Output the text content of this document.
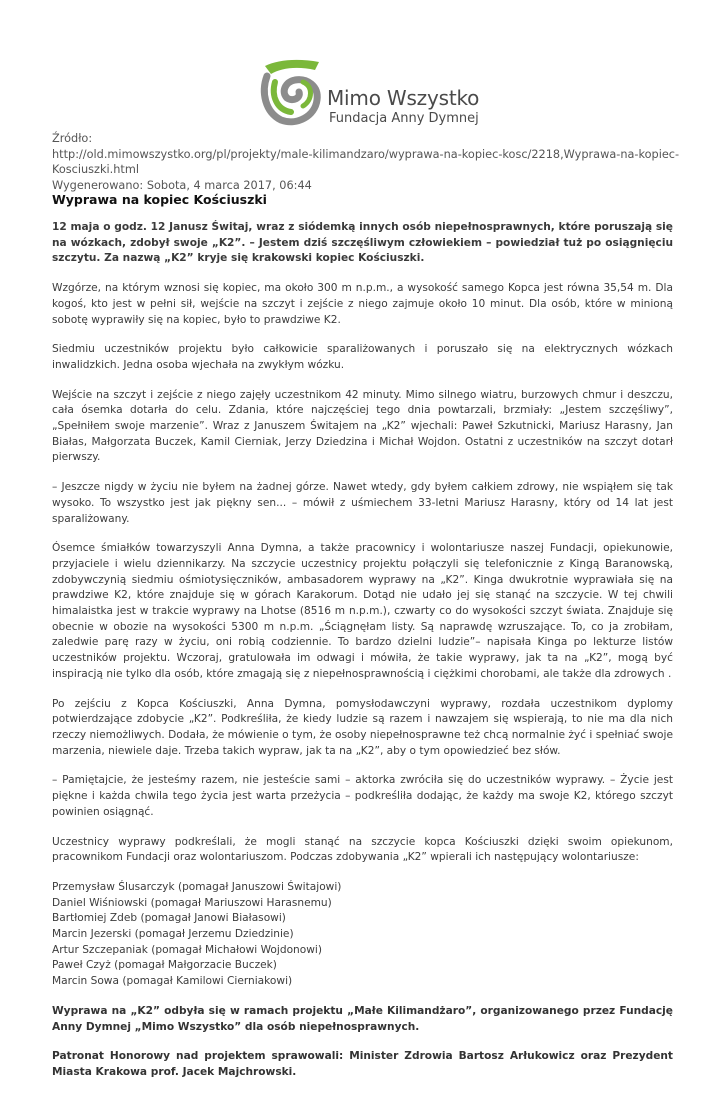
Mimo Wszystko
Fundacja Anny Dymnej
Źródło:
http://old.mimowszystko.org/pl/projekty/male-kilimandzaro/wyprawa-na-kopiec-kosc/2218,Wyprawa-na-kopiec-Kosciuszki.html
Wygenerowano: Sobota, 4 marca 2017, 06:44
Wyprawa na kopiec Kościuszki

12 maja o godz. 12 Janusz Świtaj, wraz z siódemką innych osób niepełnosprawnych, które poruszają się na wózkach, zdobył swoje „K2”. – Jestem dziś szczęśliwym człowiekiem – powiedział tuż po osiągnięciu szczytu. Za nazwą „K2” kryje się krakowski kopiec Kościuszki.

Wzgórze, na którym wznosi się kopiec, ma około 300 m n.p.m., a wysokość samego Kopca jest równa 35,54 m. Dla kogoś, kto jest w pełni sił, wejście na szczyt i zejście z niego zajmuje około 10 minut. Dla osób, które w minioną sobotę wyprawiły się na kopiec, było to prawdziwe K2.

Siedmiu uczestników projektu było całkowicie sparaliżowanych i poruszało się na elektrycznych wózkach inwalidzkich. Jedna osoba wjechała na zwykłym wózku.

Wejście na szczyt i zejście z niego zajęły uczestnikom 42 minuty. Mimo silnego wiatru, burzowych chmur i deszczu, cała ósemka dotarła do celu. Zdania, które najczęściej tego dnia powtarzali, brzmiały: „Jestem szczęśliwy”, „Spełniłem swoje marzenie”. Wraz z Januszem Świtajem na „K2” wjechali: Paweł Szkutnicki, Mariusz Harasny, Jan Białas, Małgorzata Buczek, Kamil Cierniak, Jerzy Dziedzina i Michał Wojdon. Ostatni z uczestników na szczyt dotarł pierwszy.

– Jeszcze nigdy w życiu nie byłem na żadnej górze. Nawet wtedy, gdy byłem całkiem zdrowy, nie wspiąłem się tak wysoko. To wszystko jest jak piękny sen... – mówił z uśmiechem 33-letni Mariusz Harasny, który od 14 lat jest sparaliżowany.

Ósemce śmiałków towarzyszyli Anna Dymna, a także pracownicy i wolontariusze naszej Fundacji, opiekunowie, przyjaciele i wielu dziennikarzy. Na szczycie uczestnicy projektu połączyli się telefonicznie z Kingą Baranowską, zdobywczynią siedmiu ośmiotysięczników, ambasadorem wyprawy na „K2”. Kinga dwukrotnie wyprawiała się na prawdziwe K2, które znajduje się w górach Karakorum. Dotąd nie udało jej się stanąć na szczycie. W tej chwili himalaistka jest w trakcie wyprawy na Lhotse (8516 m n.p.m.), czwarty co do wysokości szczyt świata. Znajduje się obecnie w obozie na wysokości 5300 m n.p.m. „Ściągnęłam listy. Są naprawdę wzruszające. To, co ja zrobiłam, zaledwie parę razy w życiu, oni robią codziennie. To bardzo dzielni ludzie”– napisała Kinga po lekturze listów uczestników projektu. Wczoraj, gratulowała im odwagi i mówiła, że takie wyprawy, jak ta na „K2”, mogą być inspiracją nie tylko dla osób, które zmagają się z niepełnosprawnością i ciężkimi chorobami, ale także dla zdrowych .

Po zejściu z Kopca Kościuszki, Anna Dymna, pomysłodawczyni wyprawy, rozdała uczestnikom dyplomy potwierdzające zdobycie „K2”. Podkreśliła, że kiedy ludzie są razem i nawzajem się wspierają, to nie ma dla nich rzeczy niemożliwych. Dodała, że mówienie o tym, że osoby niepełnosprawne też chcą normalnie żyć i spełniać swoje marzenia, niewiele daje. Trzeba takich wypraw, jak ta na „K2”, aby o tym opowiedzieć bez słów.

– Pamiętajcie, że jesteśmy razem, nie jesteście sami – aktorka zwróciła się do uczestników wyprawy. – Życie jest piękne i każda chwila tego życia jest warta przeżycia – podkreśliła dodając, że każdy ma swoje K2, którego szczyt powinien osiągnąć.

Uczestnicy wyprawy podkreślali, że mogli stanąć na szczycie kopca Kościuszki dzięki swoim opiekunom, pracownikom Fundacji oraz wolontariuszom. Podczas zdobywania „K2” wpierali ich następujący wolontariusze:

Przemysław Ślusarczyk (pomagał Januszowi Świtajowi)
Daniel Wiśniowski (pomagał Mariuszowi Harasnemu)
Bartłomiej Zdeb (pomagał Janowi Białasowi)
Marcin Jezerski (pomagał Jerzemu Dziedzinie)
Artur Szczepaniak (pomagał Michałowi Wojdonowi)
Paweł Czyż (pomagał Małgorzacie Buczek)
Marcin Sowa (pomagał Kamilowi Cierniakowi)

Wyprawa na „K2” odbyła się w ramach projektu „Małe Kilimandżaro”, organizowanego przez Fundację Anny Dymnej „Mimo Wszystko” dla osób niepełnosprawnych.

Patronat Honorowy nad projektem sprawowali: Minister Zdrowia Bartosz Arłukowicz oraz Prezydent Miasta Krakowa prof. Jacek Majchrowski.
